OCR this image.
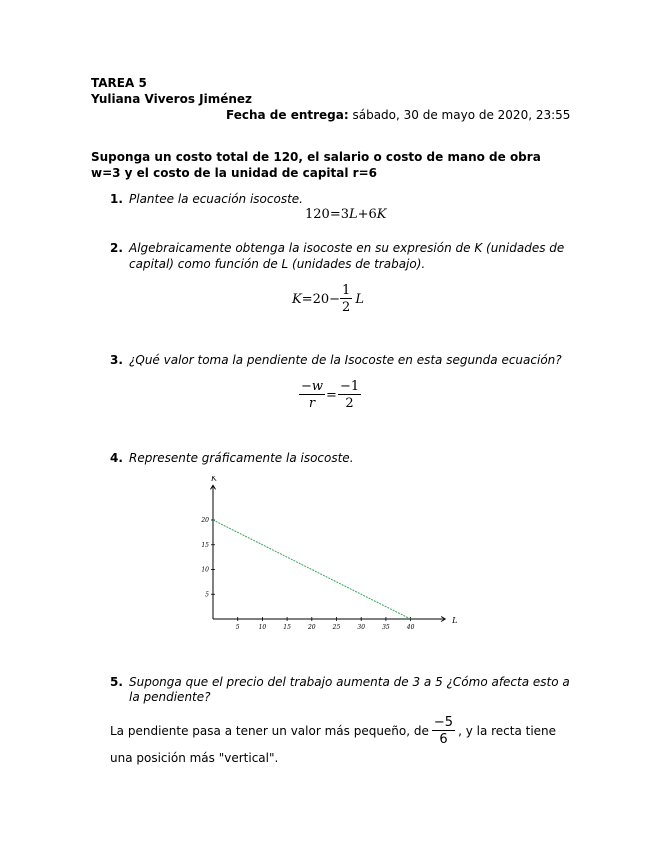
TAREA 5
Yuliana Viveros Jiménez
Fecha de entrega: sábado, 30 de mayo de 2020, 23:55
Suponga un costo total de 120, el salario o costo de mano de obra
w=3 y el costo de la unidad de capital r=6
1. Plantee la ecuación isocoste.
120=3L+6K
2. Algebraicamente obtenga la isocoste en su expresión de K (unidades de
capital) como función de L (unidades de trabajo).
$K =20- \frac{1}{2}$ L
3. ¿Qué valor toma la pendiente de la Isocoste en esta segunda ecuación?
$\frac{-w}{r} = \frac{-1}{2}$
4. Represente gráficamente la isocoste.
L
K
5	10	15	20	25	30	35	40
5
10
15
20
5. Suponga que el precio del trabajo aumenta de 3 a 5 ¿Cómo afecta esto a
la pendiente?
La pendiente pasa a tener un valor más pequeño, de $\frac{-5}{6}$ , y la recta tiene
una posición más "vertical".
